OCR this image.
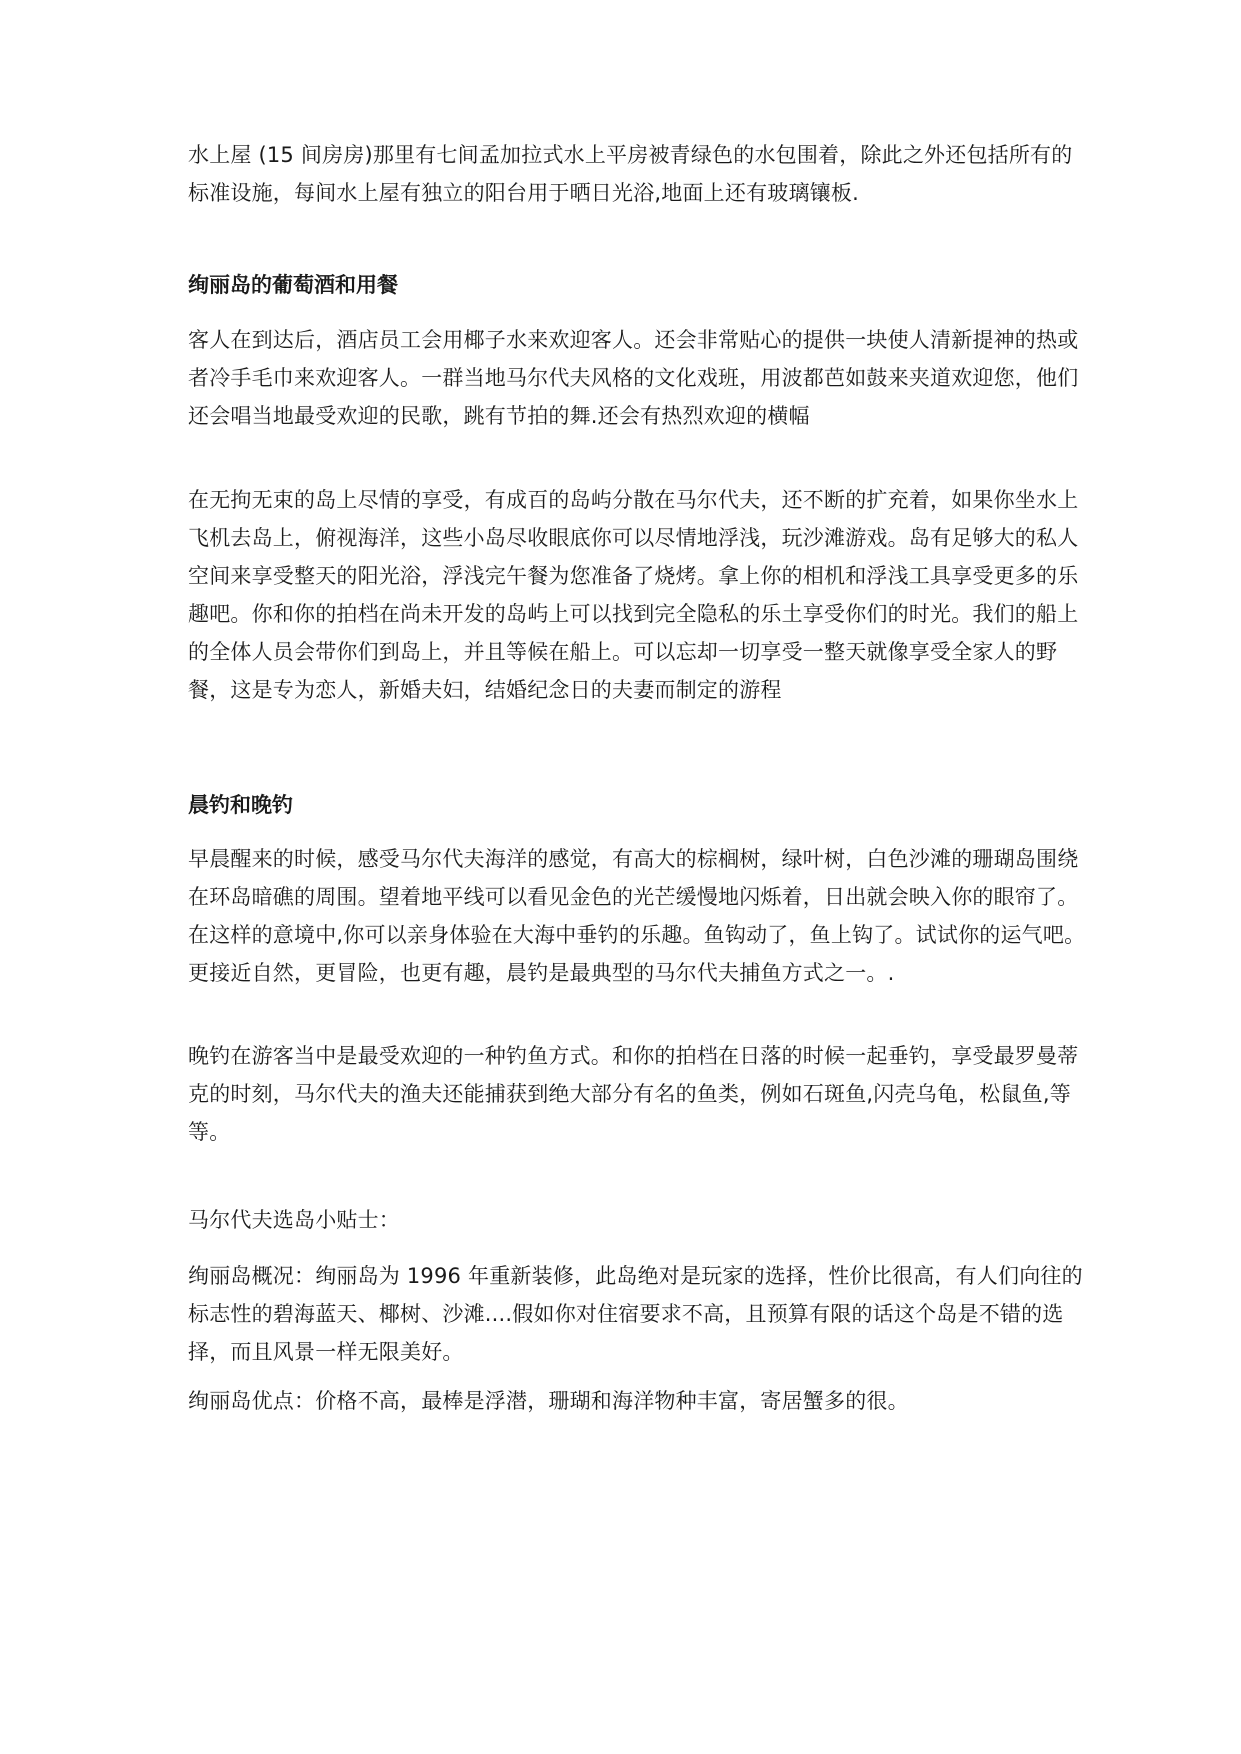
水上屋 (15 间房房)那里有七间孟加拉式水上平房被青绿色的水包围着，除此之外还包括所有的标准设施，每间水上屋有独立的阳台用于晒日光浴,地面上还有玻璃镶板.

绚丽岛的葡萄酒和用餐

客人在到达后，酒店员工会用椰子水来欢迎客人。还会非常贴心的提供一块使人清新提神的热或者冷手毛巾来欢迎客人。一群当地马尔代夫风格的文化戏班，用波都芭如鼓来夹道欢迎您，他们还会唱当地最受欢迎的民歌，跳有节拍的舞.还会有热烈欢迎的横幅

在无拘无束的岛上尽情的享受，有成百的岛屿分散在马尔代夫，还不断的扩充着，如果你坐水上飞机去岛上，俯视海洋，这些小岛尽收眼底你可以尽情地浮浅，玩沙滩游戏。岛有足够大的私人空间来享受整天的阳光浴，浮浅完午餐为您准备了烧烤。拿上你的相机和浮浅工具享受更多的乐趣吧。你和你的拍档在尚未开发的岛屿上可以找到完全隐私的乐土享受你们的时光。我们的船上的全体人员会带你们到岛上，并且等候在船上。可以忘却一切享受一整天就像享受全家人的野餐，这是专为恋人，新婚夫妇，结婚纪念日的夫妻而制定的游程

晨钓和晚钓

早晨醒来的时候，感受马尔代夫海洋的感觉，有高大的棕榈树，绿叶树，白色沙滩的珊瑚岛围绕在环岛暗礁的周围。望着地平线可以看见金色的光芒缓慢地闪烁着，日出就会映入你的眼帘了。在这样的意境中,你可以亲身体验在大海中垂钓的乐趣。鱼钩动了，鱼上钩了。试试你的运气吧。更接近自然，更冒险，也更有趣，晨钓是最典型的马尔代夫捕鱼方式之一。.

晚钓在游客当中是最受欢迎的一种钓鱼方式。和你的拍档在日落的时候一起垂钓，享受最罗曼蒂克的时刻，马尔代夫的渔夫还能捕获到绝大部分有名的鱼类，例如石斑鱼,闪壳乌龟，松鼠鱼,等等。

马尔代夫选岛小贴士：

绚丽岛概况：绚丽岛为 1996 年重新装修，此岛绝对是玩家的选择，性价比很高，有人们向往的标志性的碧海蓝天、椰树、沙滩....假如你对住宿要求不高，且预算有限的话这个岛是不错的选择，而且风景一样无限美好。

绚丽岛优点：价格不高，最棒是浮潜，珊瑚和海洋物种丰富，寄居蟹多的很。
